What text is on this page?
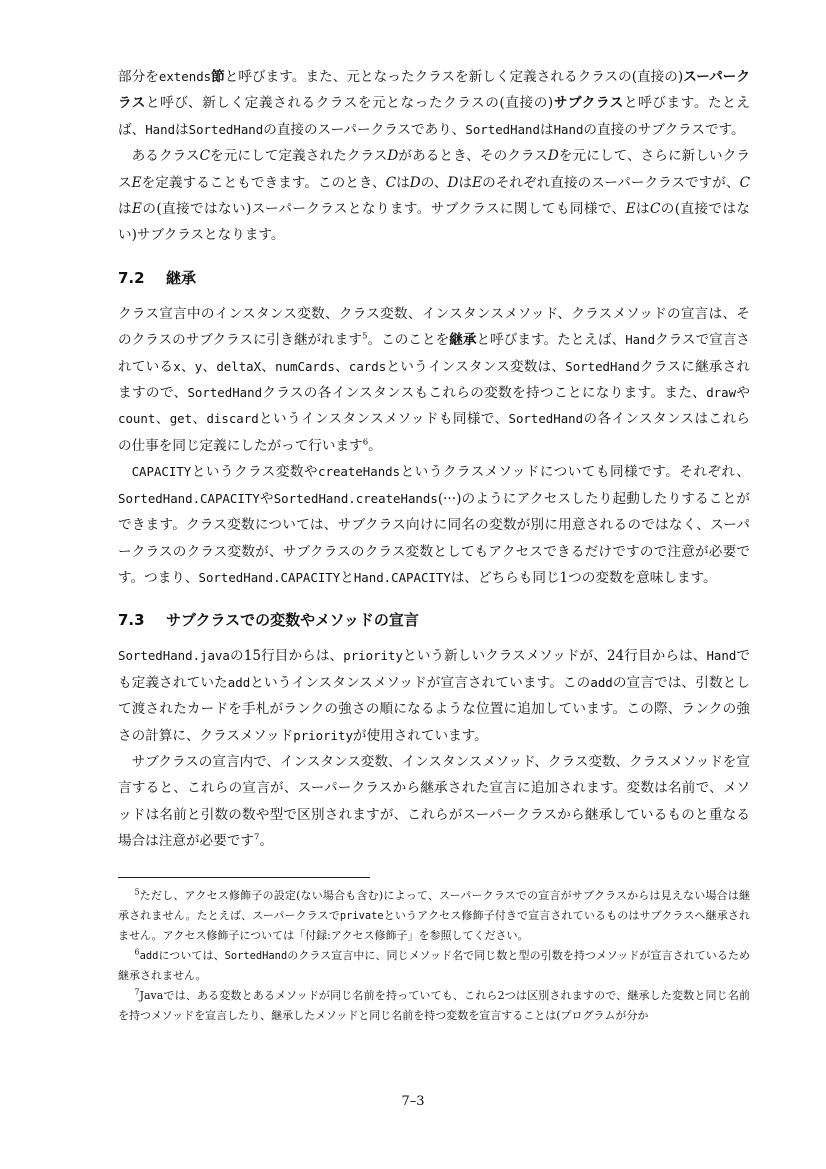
部分をextends節と呼びます。また、元となったクラスを新しく定義されるクラスの(直接の)スーパークラスと呼び、新しく定義されるクラスを元となったクラスの(直接の)サブクラスと呼びます。たとえば、HandはSortedHandの直接のスーパークラスであり、SortedHandはHandの直接のサブクラスです。

あるクラスCを元にして定義されたクラスDがあるとき、そのクラスDを元にして、さらに新しいクラスEを定義することもできます。このとき、CはDの、DはEのそれぞれ直接のスーパークラスですが、CはEの(直接ではない)スーパークラスとなります。サブクラスに関しても同様で、EはCの(直接ではない)サブクラスとなります。

7.2 継承

クラス宣言中のインスタンス変数、クラス変数、インスタンスメソッド、クラスメソッドの宣言は、そのクラスのサブクラスに引き継がれます$^5$。このことを継承と呼びます。たとえば、Handクラスで宣言されているx、y、deltaX、numCards、cardsというインスタンス変数は、SortedHandクラスに継承されますので、SortedHandクラスの各インスタンスもこれらの変数を持つことになります。また、drawやcount、get、discardというインスタンスメソッドも同様で、SortedHandの各インスタンスはこれらの仕事を同じ定義にしたがって行います$^6$。

CAPACITYというクラス変数やcreateHandsというクラスメソッドについても同様です。それぞれ、SortedHand.CAPACITYやSortedHand.createHands(···)のようにアクセスしたり起動したりすることができます。クラス変数については、サブクラス向けに同名の変数が別に用意されるのではなく、スーパークラスのクラス変数が、サブクラスのクラス変数としてもアクセスできるだけですので注意が必要です。つまり、SortedHand.CAPACITYとHand.CAPACITYは、どちらも同じ1つの変数を意味します。

7.3 サブクラスでの変数やメソッドの宣言

SortedHand.javaの15行目からは、priorityという新しいクラスメソッドが、24行目からは、Handでも定義されていたaddというインスタンスメソッドが宣言されています。このaddの宣言では、引数として渡されたカードを手札がランクの強さの順になるような位置に追加しています。この際、ランクの強さの計算に、クラスメソッドpriorityが使用されています。

サブクラスの宣言内で、インスタンス変数、インスタンスメソッド、クラス変数、クラスメソッドを宣言すると、これらの宣言が、スーパークラスから継承された宣言に追加されます。変数は名前で、メソッドは名前と引数の数や型で区別されますが、これらがスーパークラスから継承しているものと重なる場合は注意が必要です$^7$。

$^5$ただし、アクセス修飾子の設定(ない場合も含む)によって、スーパークラスでの宣言がサブクラスからは見えない場合は継承されません。たとえば、スーパークラスでprivateというアクセス修飾子付きで宣言されているものはサブクラスへ継承されません。アクセス修飾子については「付録:アクセス修飾子」を参照してください。

$^6$addについては、SortedHandのクラス宣言中に、同じメソッド名で同じ数と型の引数を持つメソッドが宣言されているため継承されません。

$^7$Javaでは、ある変数とあるメソッドが同じ名前を持っていても、これら2つは区別されますので、継承した変数と同じ名前を持つメソッドを宣言したり、継承したメソッドと同じ名前を持つ変数を宣言することは(プログラムが分か

7–3
